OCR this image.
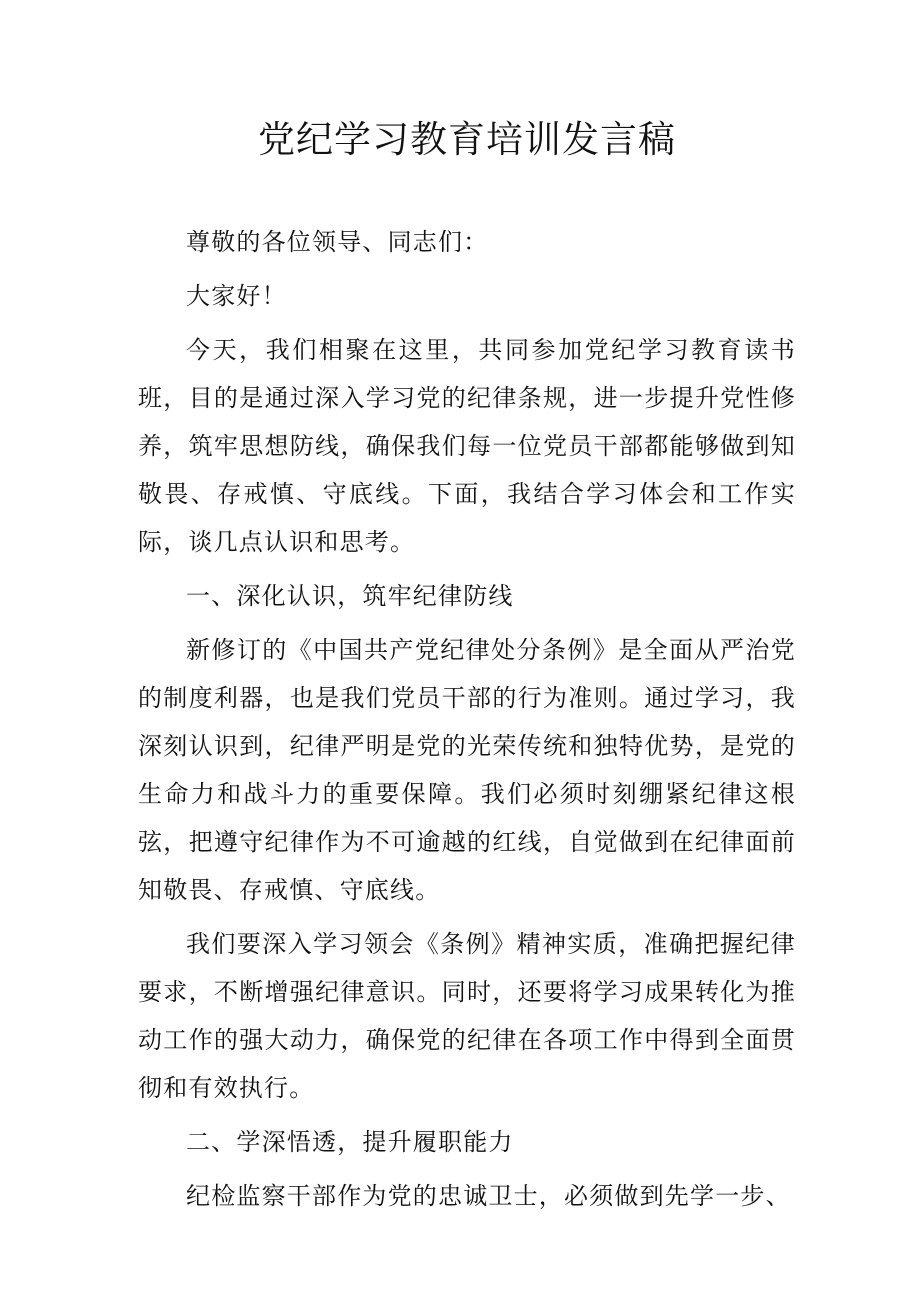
党纪学习教育培训发言稿

尊敬的各位领导、同志们：

大家好！

今天，我们相聚在这里，共同参加党纪学习教育读书班，目的是通过深入学习党的纪律条规，进一步提升党性修养，筑牢思想防线，确保我们每一位党员干部都能够做到知敬畏、存戒慎、守底线。下面，我结合学习体会和工作实际，谈几点认识和思考。

一、深化认识，筑牢纪律防线

新修订的《中国共产党纪律处分条例》是全面从严治党的制度利器，也是我们党员干部的行为准则。通过学习，我深刻认识到，纪律严明是党的光荣传统和独特优势，是党的生命力和战斗力的重要保障。我们必须时刻绷紧纪律这根弦，把遵守纪律作为不可逾越的红线，自觉做到在纪律面前知敬畏、存戒慎、守底线。

我们要深入学习领会《条例》精神实质，准确把握纪律要求，不断增强纪律意识。同时，还要将学习成果转化为推动工作的强大动力，确保党的纪律在各项工作中得到全面贯彻和有效执行。

二、学深悟透，提升履职能力

纪检监察干部作为党的忠诚卫士，必须做到先学一步、
